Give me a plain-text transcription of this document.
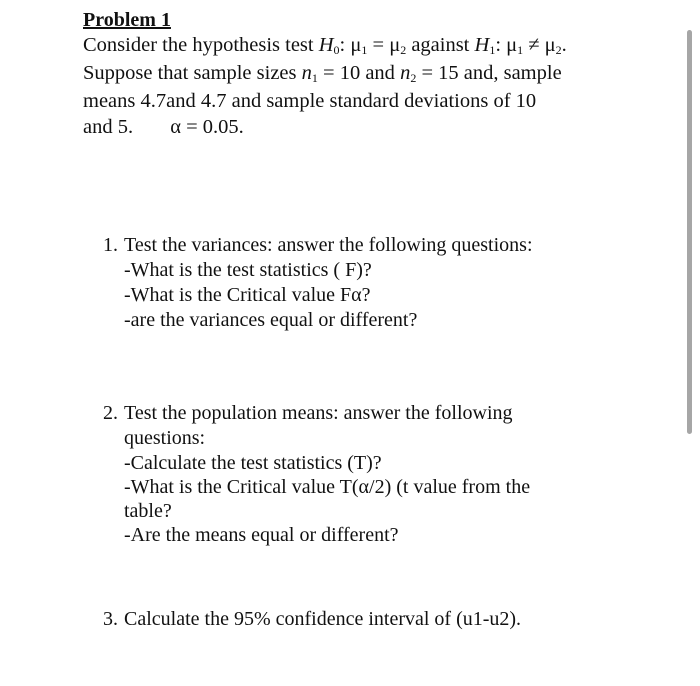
Problem 1
Consider the hypothesis test $H_0$: $\mu_1 = \mu_2$ against $H_1$: $\mu_1 \ne \mu_2$.
Suppose that sample sizes $n_1 = 10$ and $n_2 = 15$ and, sample
means 4.7and 4.7 and sample standard deviations of 10
and 5. α = 0.05.
1. Test the variances: answer the following questions:
-What is the test statistics ( F)?
-What is the Critical value Fα?
-are the variances equal or different?
2. Test the population means: answer the following
questions:
-Calculate the test statistics (T)?
-What is the Critical value T(α/2) (t value from the
table?
-Are the means equal or different?
3. Calculate the 95% confidence interval of (u1-u2).
